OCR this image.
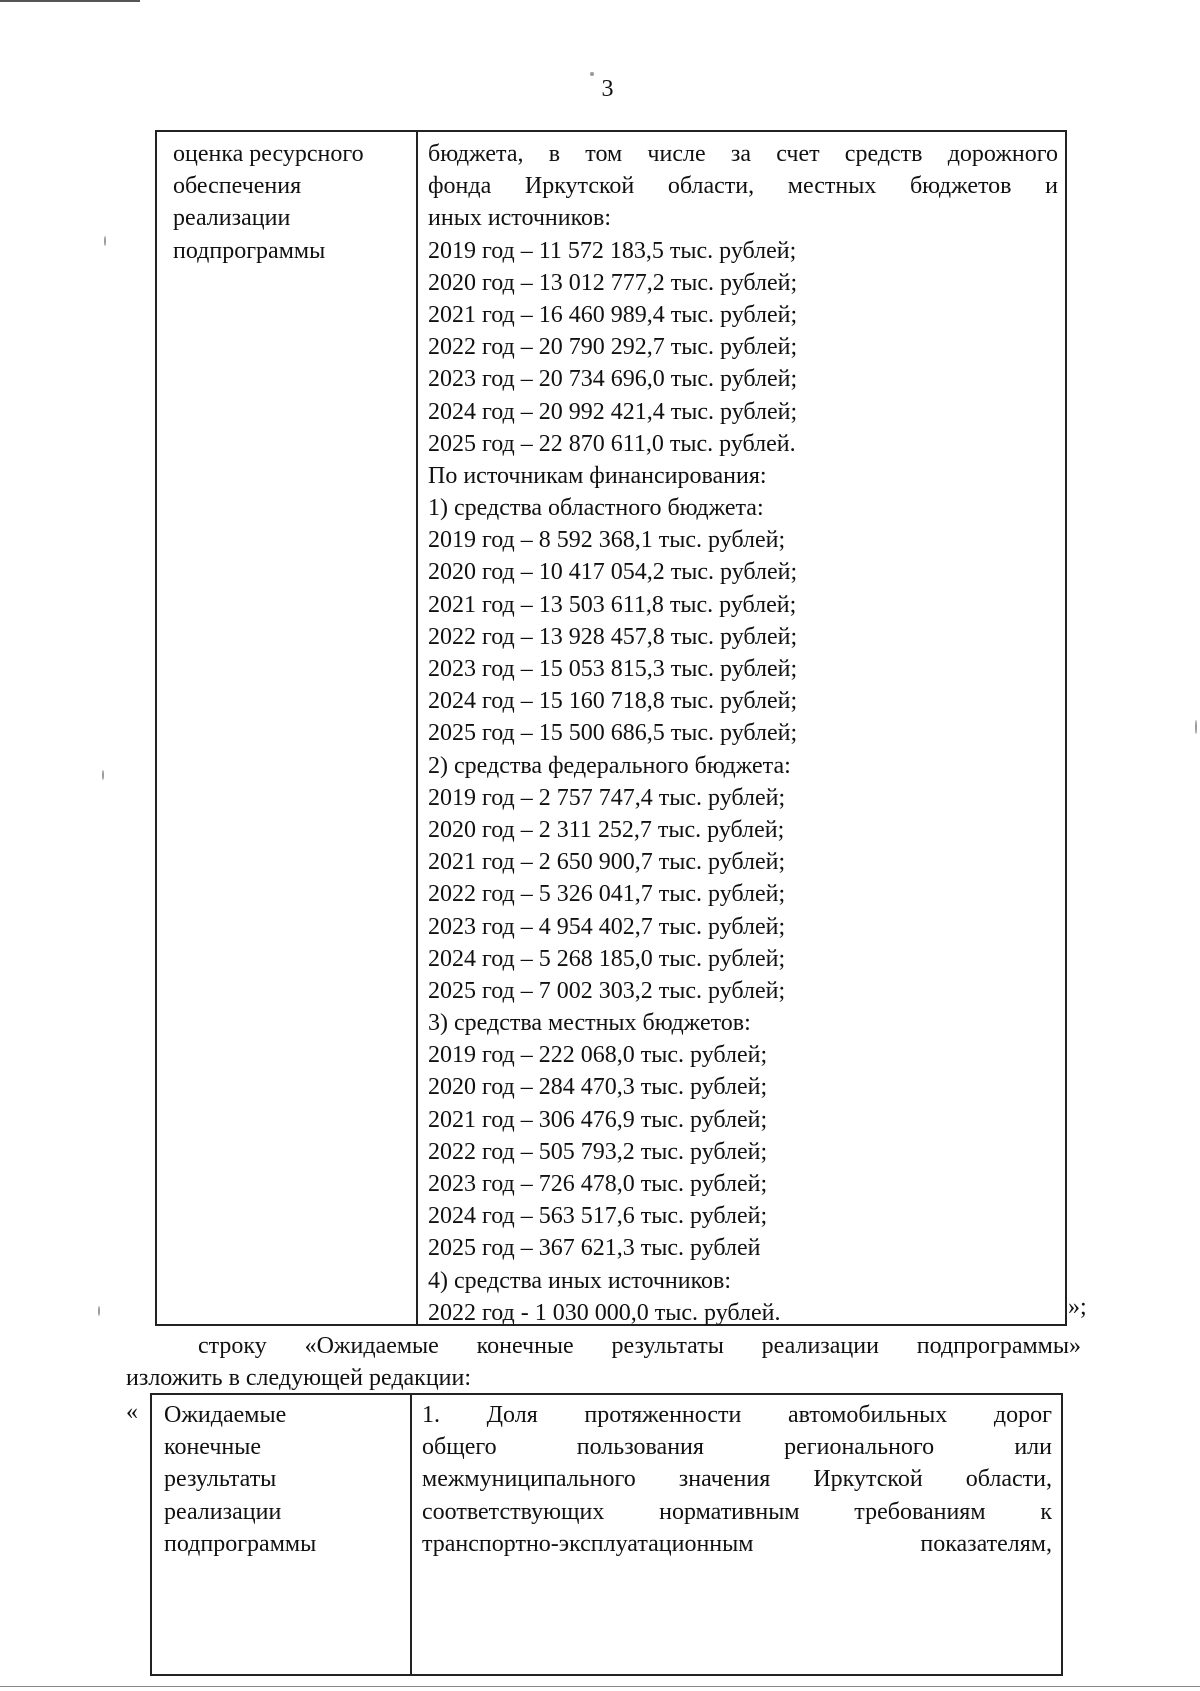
3
оценка ресурсного
обеспечения
реализации
подпрограммы
бюджета, в том числе за счет средств дорожного
фонда Иркутской области, местных бюджетов и
иных источников:
2019 год – 11 572 183,5 тыс. рублей;
2020 год – 13 012 777,2 тыс. рублей;
2021 год – 16 460 989,4 тыс. рублей;
2022 год – 20 790 292,7 тыс. рублей;
2023 год – 20 734 696,0 тыс. рублей;
2024 год – 20 992 421,4 тыс. рублей;
2025 год – 22 870 611,0 тыс. рублей.
По источникам финансирования:
1) средства областного бюджета:
2019 год – 8 592 368,1 тыс. рублей;
2020 год – 10 417 054,2 тыс. рублей;
2021 год – 13 503 611,8 тыс. рублей;
2022 год – 13 928 457,8 тыс. рублей;
2023 год – 15 053 815,3 тыс. рублей;
2024 год – 15 160 718,8 тыс. рублей;
2025 год – 15 500 686,5 тыс. рублей;
2) средства федерального бюджета:
2019 год – 2 757 747,4 тыс. рублей;
2020 год – 2 311 252,7 тыс. рублей;
2021 год – 2 650 900,7 тыс. рублей;
2022 год – 5 326 041,7 тыс. рублей;
2023 год – 4 954 402,7 тыс. рублей;
2024 год – 5 268 185,0 тыс. рублей;
2025 год – 7 002 303,2 тыс. рублей;
3) средства местных бюджетов:
2019 год – 222 068,0 тыс. рублей;
2020 год – 284 470,3 тыс. рублей;
2021 год – 306 476,9 тыс. рублей;
2022 год – 505 793,2 тыс. рублей;
2023 год – 726 478,0 тыс. рублей;
2024 год – 563 517,6 тыс. рублей;
2025 год – 367 621,3 тыс. рублей
4) средства иных источников:
2022 год - 1 030 000,0 тыс. рублей.	»;
строку «Ожидаемые конечные результаты реализации подпрограммы»
изложить в следующей редакции:
« Ожидаемые
конечные
результаты
реализации
подпрограммы
1. Доля протяженности автомобильных дорог
общего пользования регионального или
межмуниципального значения Иркутской области,
соответствующих нормативным требованиям к
транспортно-эксплуатационным показателям,
